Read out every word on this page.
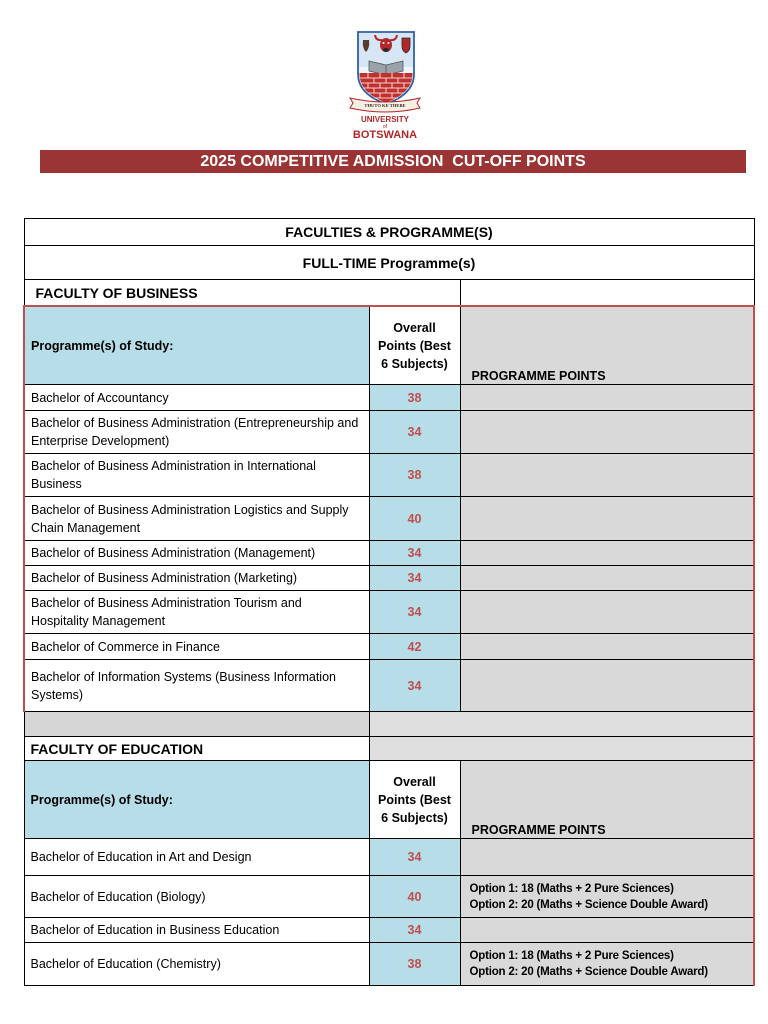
THUTO KE THEBE
UNIVERSITY
of
BOTSWANA
2025 COMPETITIVE ADMISSION  CUT-OFF POINTS
FACULTIES & PROGRAMME(S)		
FULL-TIME Programme(s)		
FACULTY OF BUSINESS		
Programme(s) of Study:	Overall Points (Best 6 Subjects)	PROGRAMME POINTS
Bachelor of Accountancy	38	
Bachelor of Business Administration (Entrepreneurship and Enterprise Development)	34	
Bachelor of Business Administration in International Business	38	
Bachelor of Business Administration Logistics and Supply Chain Management	40	
Bachelor of Business Administration (Management)	34	
Bachelor of Business Administration (Marketing)	34	
Bachelor of Business Administration Tourism and Hospitality Management	34	
Bachelor of Commerce in Finance	42	
Bachelor of Information Systems (Business Information Systems)	34	

FACULTY OF EDUCATION		
Programme(s) of Study:	Overall Points (Best 6 Subjects)	PROGRAMME POINTS
Bachelor of Education in Art and Design	34	
Bachelor of Education (Biology)	40	Option 1: 18 (Maths + 2 Pure Sciences)
Option 2: 20 (Maths + Science Double Award)

Bachelor of Education in Business Education	34	
Bachelor of Education (Chemistry)	38	Option 1: 18 (Maths + 2 Pure Sciences)
Option 2: 20 (Maths + Science Double Award)
